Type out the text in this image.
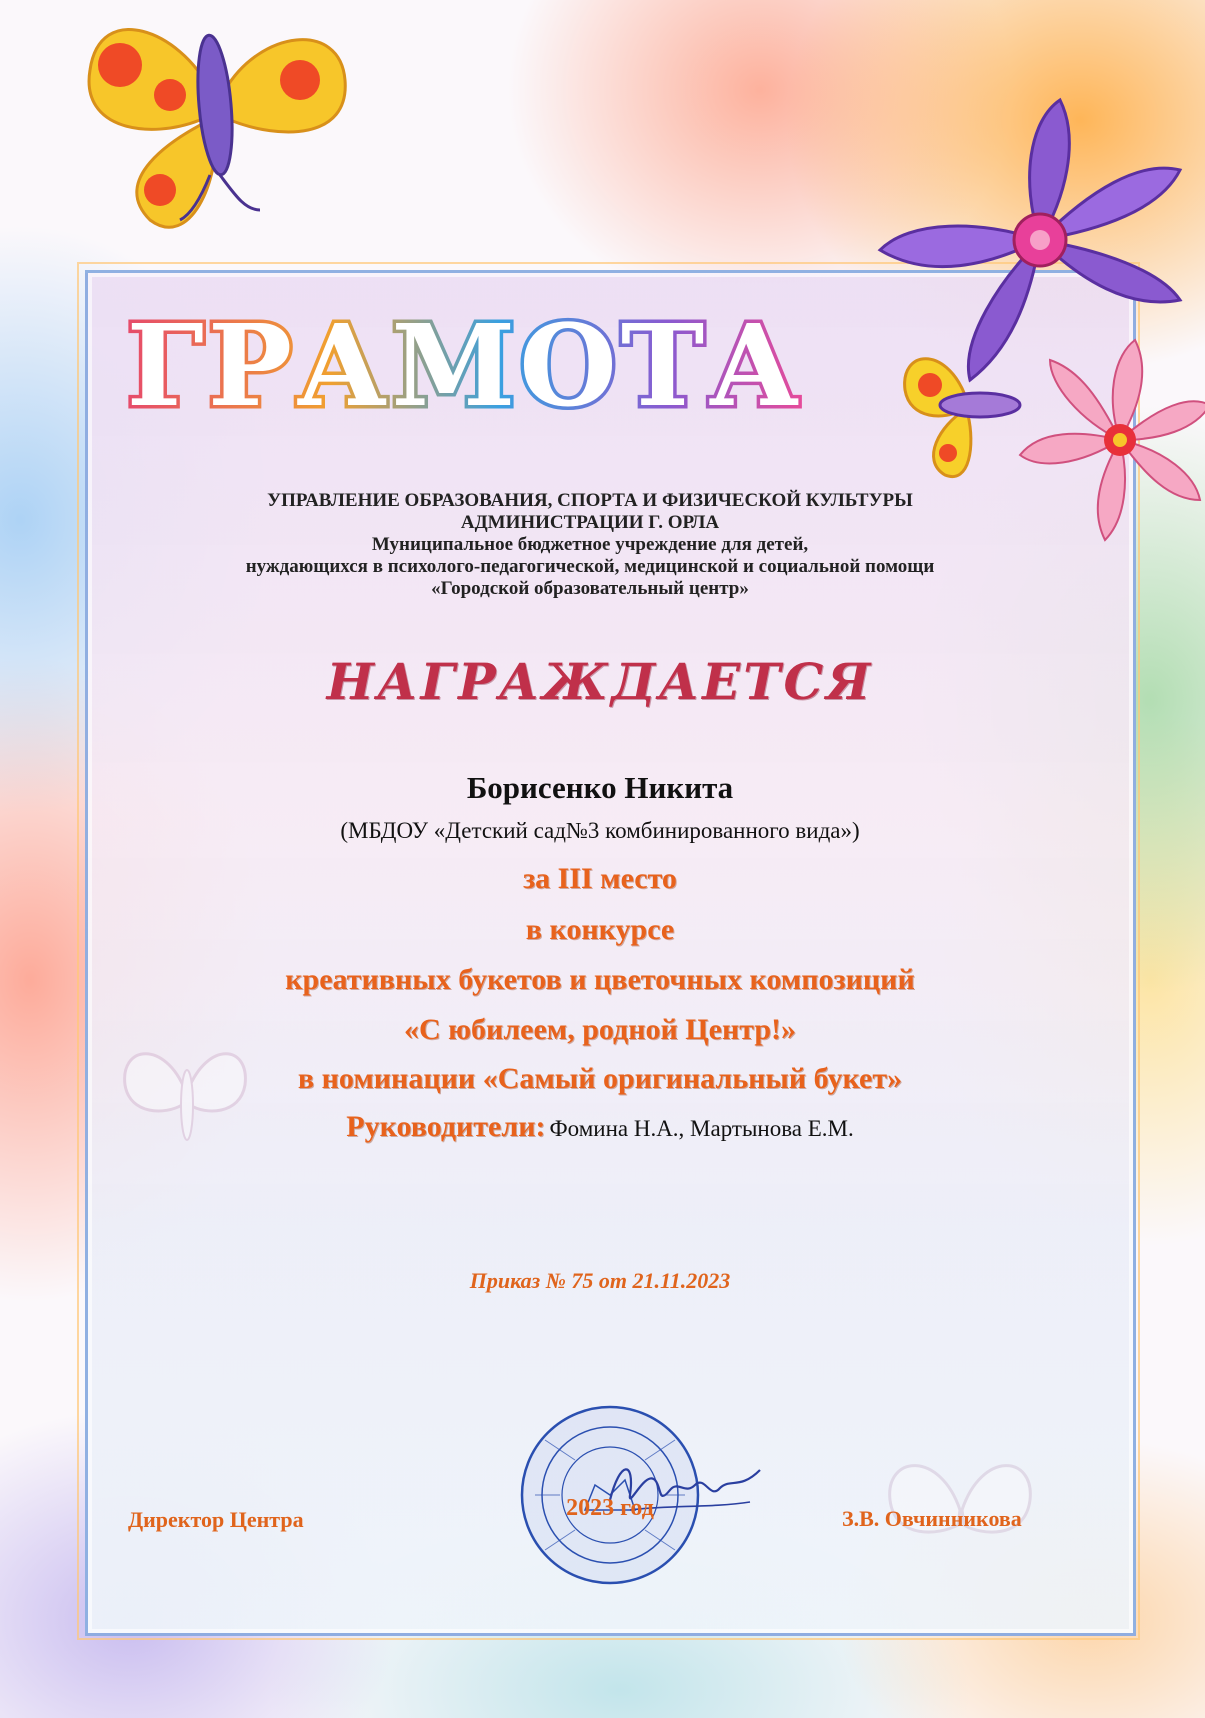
ГРАМОТА
УПРАВЛЕНИЕ ОБРАЗОВАНИЯ, СПОРТА И ФИЗИЧЕСКОЙ КУЛЬТУРЫ
АДМИНИСТРАЦИИ Г. ОРЛА
Муниципальное бюджетное учреждение для детей,
нуждающихся в психолого-педагогической, медицинской и социальной помощи
«Городской образовательный центр»
НАГРАЖДАЕТСЯ
Борисенко Никита
(МБДОУ «Детский сад№3 комбинированного вида»)
за III место
в конкурсе
креативных букетов и цветочных композиций
«С юбилеем, родной Центр!»
в номинации «Самый оригинальный букет»
Руководители: Фомина Н.А., Мартынова Е.М.
Приказ № 75 от 21.11.2023
Директор Центра	З.В. Овчинникова
2023 год
